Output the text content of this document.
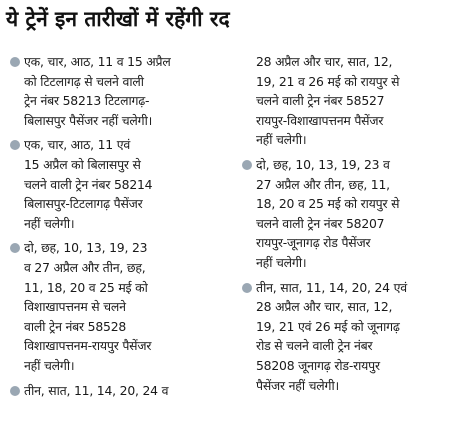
ये ट्रेनें इन तारीखों में रहेंगी रद
एक, चार, आठ, 11 व 15 अप्रैल
को टिटलागढ़ से चलने वाली
ट्रेन नंबर 58213 टिटलागढ़-
बिलासपुर पैसेंजर नहीं चलेगी।
एक, चार, आठ, 11 एवं
15 अप्रैल को बिलासपुर से
चलने वाली ट्रेन नंबर 58214
बिलासपुर-टिटलागढ़ पैसेंजर
नहीं चलेगी।
दो, छह, 10, 13, 19, 23
व 27 अप्रैल और तीन, छह,
11, 18, 20 व 25 मई को
विशाखापत्तनम से चलने
वाली ट्रेन नंबर 58528
विशाखापत्तनम-रायपुर पैसेंजर
नहीं चलेगी।
तीन, सात, 11, 14, 20, 24 व
28 अप्रैल और चार, सात, 12,
19, 21 व 26 मई को रायपुर से
चलने वाली ट्रेन नंबर 58527
रायपुर-विशाखापत्तनम पैसेंजर
नहीं चलेगी।
दो, छह, 10, 13, 19, 23 व
27 अप्रैल और तीन, छह, 11,
18, 20 व 25 मई को रायपुर से
चलने वाली ट्रेन नंबर 58207
रायपुर-जूनागढ़ रोड पैसेंजर
नहीं चलेगी।
तीन, सात, 11, 14, 20, 24 एवं
28 अप्रैल और चार, सात, 12,
19, 21 एवं 26 मई को जूनागढ़
रोड से चलने वाली ट्रेन नंबर
58208 जूनागढ़ रोड-रायपुर
पैसेंजर नहीं चलेगी।
